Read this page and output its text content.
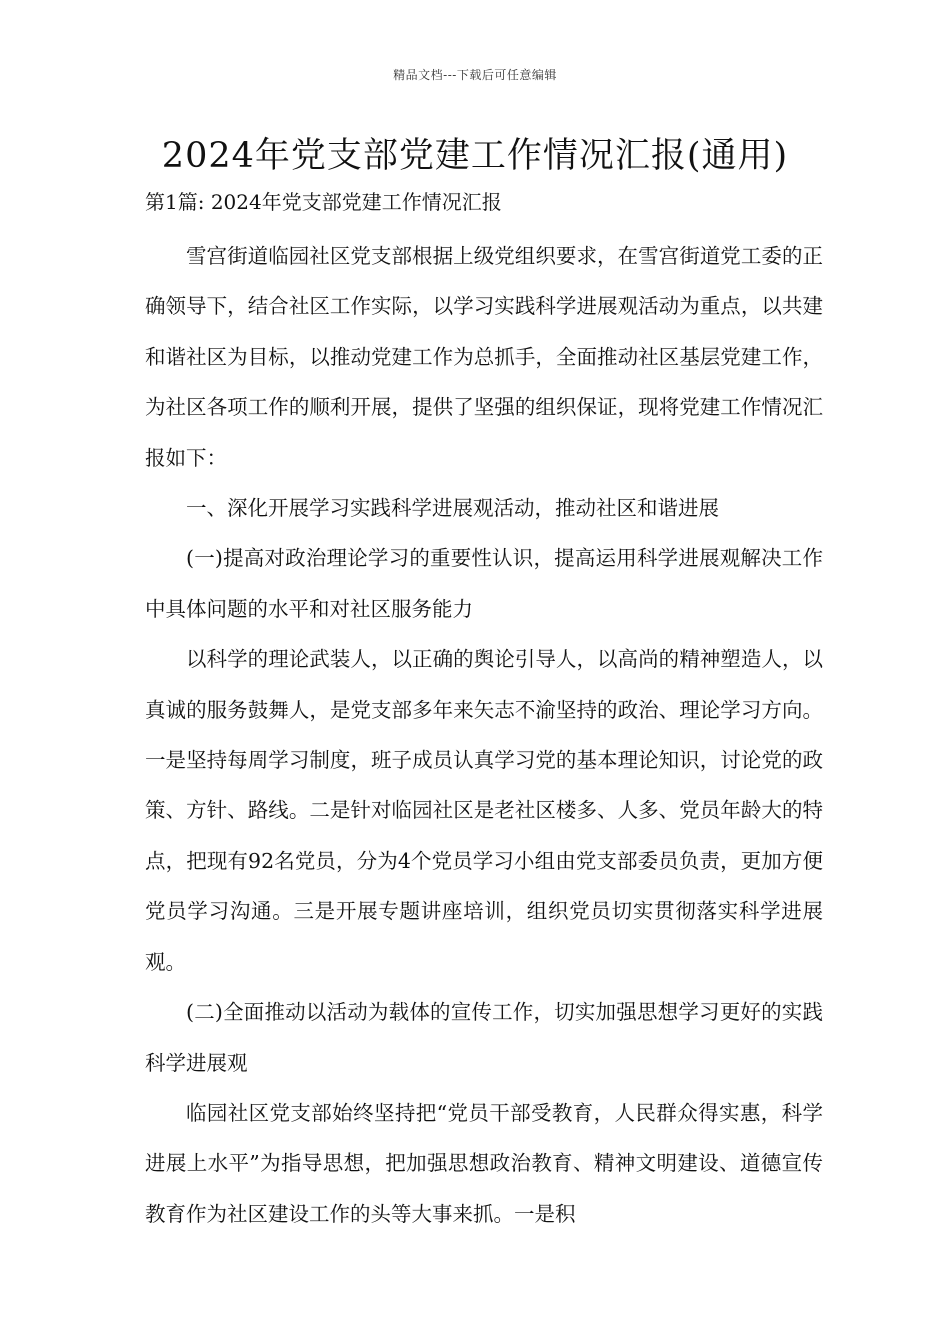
精品文档---下载后可任意编辑
2024年党支部党建工作情况汇报(通用)

第1篇: 2024年党支部党建工作情况汇报

雪宫街道临园社区党支部根据上级党组织要求，在雪宫街道党工委的正确领导下，结合社区工作实际，以学习实践科学进展观活动为重点，以共建和谐社区为目标，以推动党建工作为总抓手，全面推动社区基层党建工作，为社区各项工作的顺利开展，提供了坚强的组织保证，现将党建工作情况汇报如下：

一、深化开展学习实践科学进展观活动，推动社区和谐进展

(一)提高对政治理论学习的重要性认识，提高运用科学进展观解决工作中具体问题的水平和对社区服务能力

以科学的理论武装人，以正确的舆论引导人，以高尚的精神塑造人，以真诚的服务鼓舞人，是党支部多年来矢志不渝坚持的政治、理论学习方向。一是坚持每周学习制度，班子成员认真学习党的基本理论知识，讨论党的政策、方针、路线。二是针对临园社区是老社区楼多、人多、党员年龄大的特点，把现有92名党员，分为4个党员学习小组由党支部委员负责，更加方便党员学习沟通。三是开展专题讲座培训，组织党员切实贯彻落实科学进展观。

(二)全面推动以活动为载体的宣传工作，切实加强思想学习更好的实践科学进展观

临园社区党支部始终坚持把“党员干部受教育，人民群众得实惠，科学进展上水平”为指导思想，把加强思想政治教育、精神文明建设、道德宣传教育作为社区建设工作的头等大事来抓。一是积
